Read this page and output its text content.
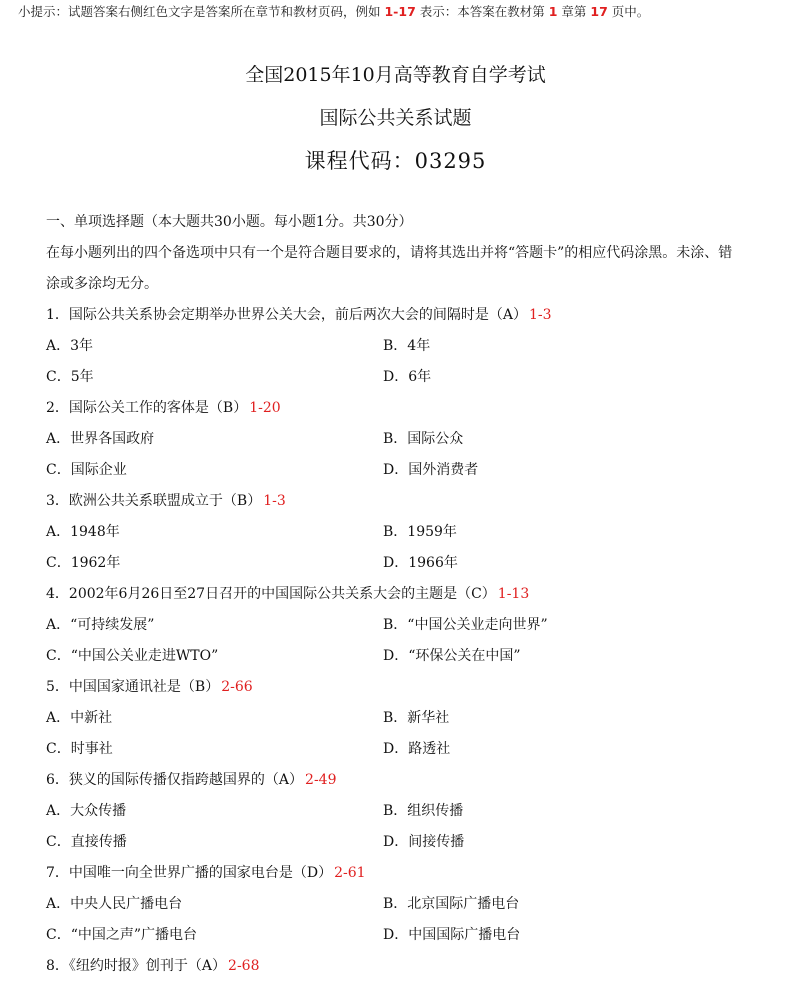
小提示：试题答案右侧红色文字是答案所在章节和教材页码，例如 1-17 表示：本答案在教材第 1 章第 17 页中。
全国2015年10月高等教育自学考试
国际公共关系试题
课程代码：03295
一、单项选择题（本大题共30小题。每小题1分。共30分）
在每小题列出的四个备选项中只有一个是符合题目要求的，请将其选出并将“答题卡”的相应代码涂黑。未涂、错
涂或多涂均无分。
1．国际公共关系协会定期举办世界公关大会，前后两次大会的间隔时是（A） 1-3
A．3年	B．4年
C．5年	D．6年
2．国际公关工作的客体是（B） 1-20
A．世界各国政府	B．国际公众
C．国际企业	D．国外消费者
3．欧洲公共关系联盟成立于（B） 1-3
A．1948年	B．1959年
C．1962年	D．1966年
4．2002年6月26日至27日召开的中国国际公共关系大会的主题是（C） 1-13
A．“可持续发展”	B．“中国公关业走向世界”
C．“中国公关业走进WTO”	D．“环保公关在中国”
5．中国国家通讯社是（B） 2-66
A．中新社	B．新华社
C．时事社	D．路透社
6．狭义的国际传播仅指跨越国界的（A） 2-49
A．大众传播	B．组织传播
C．直接传播	D．间接传播
7．中国唯一向全世界广播的国家电台是（D） 2-61
A．中央人民广播电台	B．北京国际广播电台
C．“中国之声”广播电台	D．中国国际广播电台
8．《纽约时报》创刊于（A） 2-68
